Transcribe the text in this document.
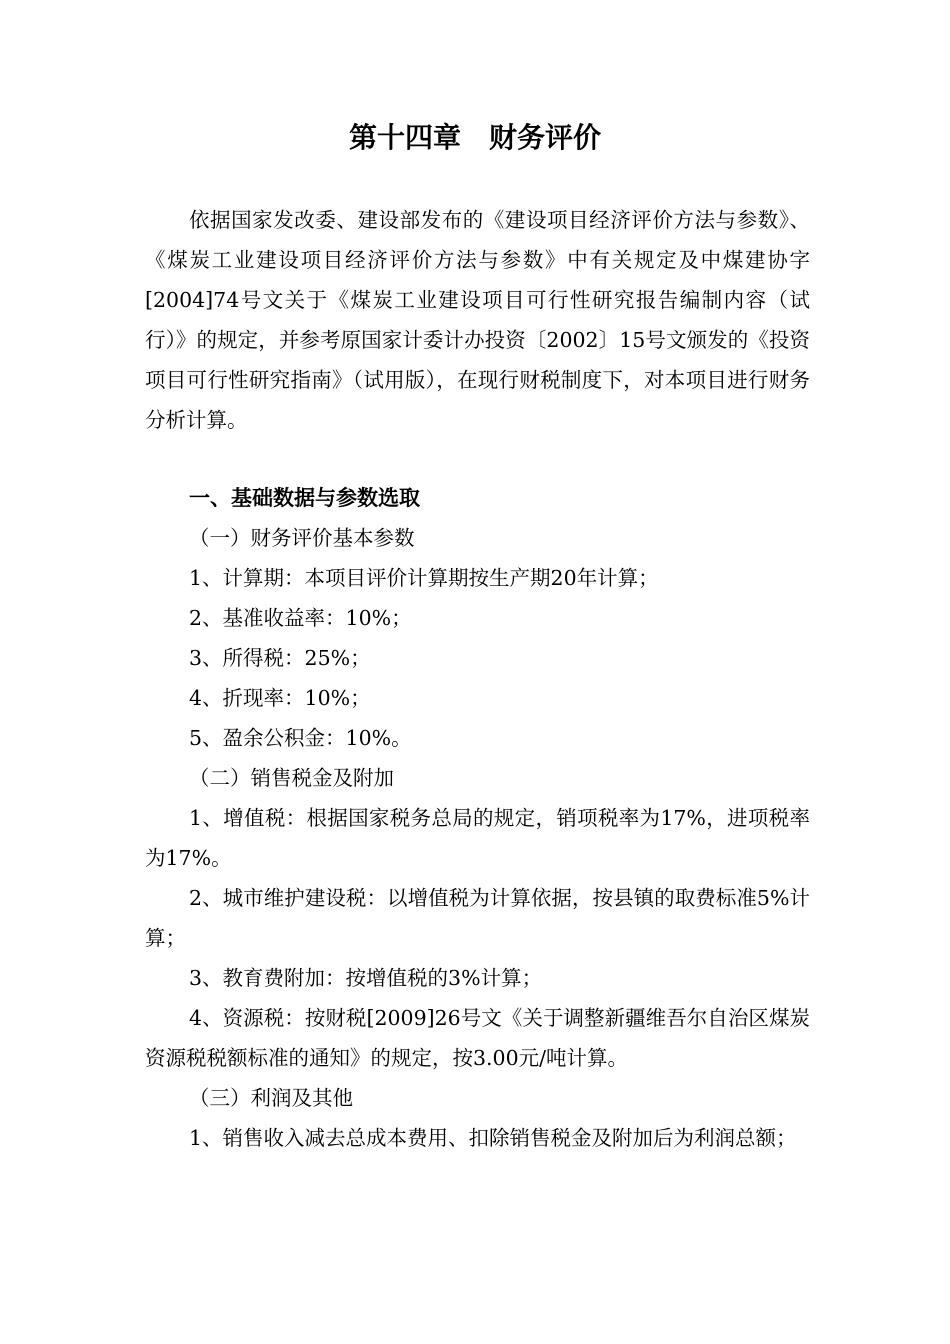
第十四章　财务评价

依据国家发改委、建设部发布的《建设项目经济评价方法与参数》、《煤炭工业建设项目经济评价方法与参数》中有关规定及中煤建协字[2004]74号文关于《煤炭工业建设项目可行性研究报告编制内容（试行）》的规定，并参考原国家计委计办投资〔2002〕15号文颁发的《投资项目可行性研究指南》（试用版），在现行财税制度下，对本项目进行财务分析计算。

一、基础数据与参数选取

（一）财务评价基本参数

1、计算期：本项目评价计算期按生产期20年计算；

2、基准收益率：10%；

3、所得税：25%；

4、折现率：10%；

5、盈余公积金：10%。

（二）销售税金及附加

1、增值税：根据国家税务总局的规定，销项税率为17%，进项税率为17%。

2、城市维护建设税：以增值税为计算依据，按县镇的取费标准5%计算；

3、教育费附加：按增值税的3%计算；

4、资源税：按财税[2009]26号文《关于调整新疆维吾尔自治区煤炭资源税税额标准的通知》的规定，按3.00元/吨计算。

（三）利润及其他

1、销售收入减去总成本费用、扣除销售税金及附加后为利润总额；
